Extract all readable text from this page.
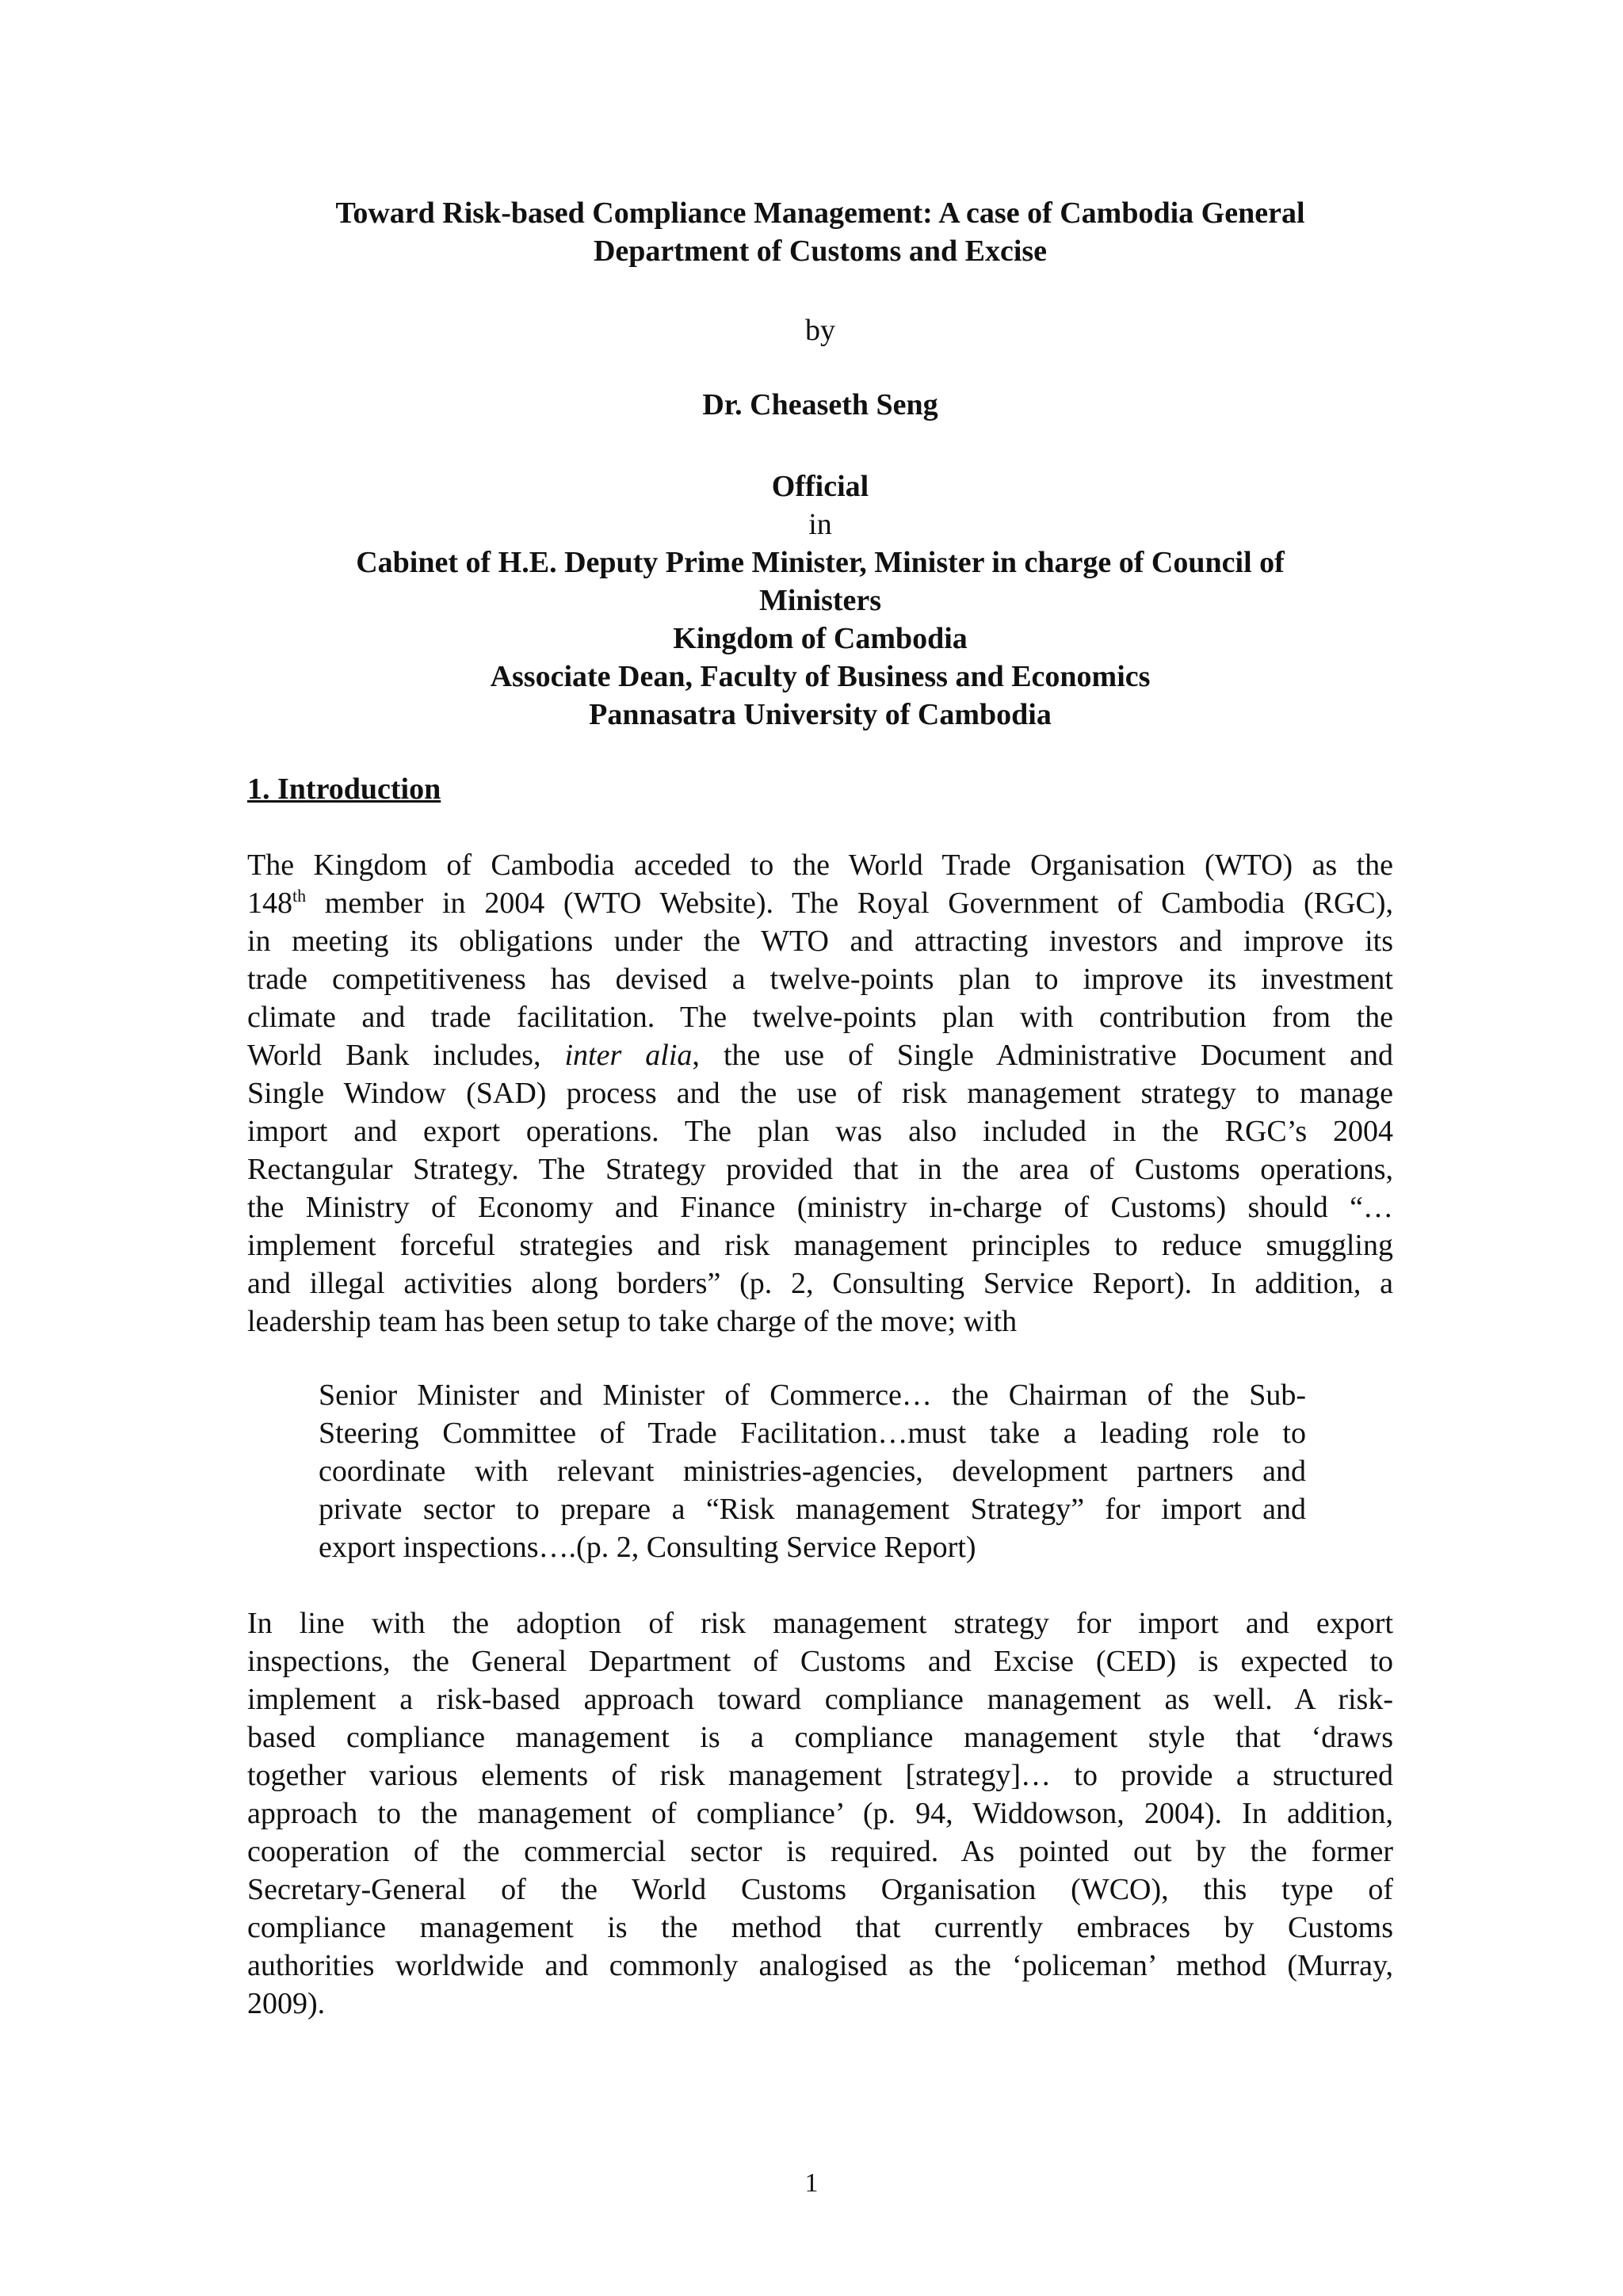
Toward Risk-based Compliance Management: A case of Cambodia General
Department of Customs and Excise
by
Dr. Cheaseth Seng
Official
in
Cabinet of H.E. Deputy Prime Minister, Minister in charge of Council of
Ministers
Kingdom of Cambodia
Associate Dean, Faculty of Business and Economics
Pannasatra University of Cambodia
1. Introduction
The Kingdom of Cambodia acceded to the World Trade Organisation (WTO) as the
148th member in 2004 (WTO Website). The Royal Government of Cambodia (RGC),
in meeting its obligations under the WTO and attracting investors and improve its
trade competitiveness has devised a twelve-points plan to improve its investment
climate and trade facilitation. The twelve-points plan with contribution from the
World Bank includes, inter alia, the use of Single Administrative Document and
Single Window (SAD) process and the use of risk management strategy to manage
import and export operations. The plan was also included in the RGC’s 2004
Rectangular Strategy. The Strategy provided that in the area of Customs operations,
the Ministry of Economy and Finance (ministry in-charge of Customs) should “…
implement forceful strategies and risk management principles to reduce smuggling
and illegal activities along borders” (p. 2, Consulting Service Report). In addition, a
leadership team has been setup to take charge of the move; with
Senior Minister and Minister of Commerce… the Chairman of the Sub-
Steering Committee of Trade Facilitation…must take a leading role to
coordinate with relevant ministries-agencies, development partners and
private sector to prepare a “Risk management Strategy” for import and
export inspections….(p. 2, Consulting Service Report)
In line with the adoption of risk management strategy for import and export
inspections, the General Department of Customs and Excise (CED) is expected to
implement a risk-based approach toward compliance management as well. A risk-
based compliance management is a compliance management style that ‘draws
together various elements of risk management [strategy]… to provide a structured
approach to the management of compliance’ (p. 94, Widdowson, 2004). In addition,
cooperation of the commercial sector is required. As pointed out by the former
Secretary-General of the World Customs Organisation (WCO), this type of
compliance management is the method that currently embraces by Customs
authorities worldwide and commonly analogised as the ‘policeman’ method (Murray,
2009).
1
